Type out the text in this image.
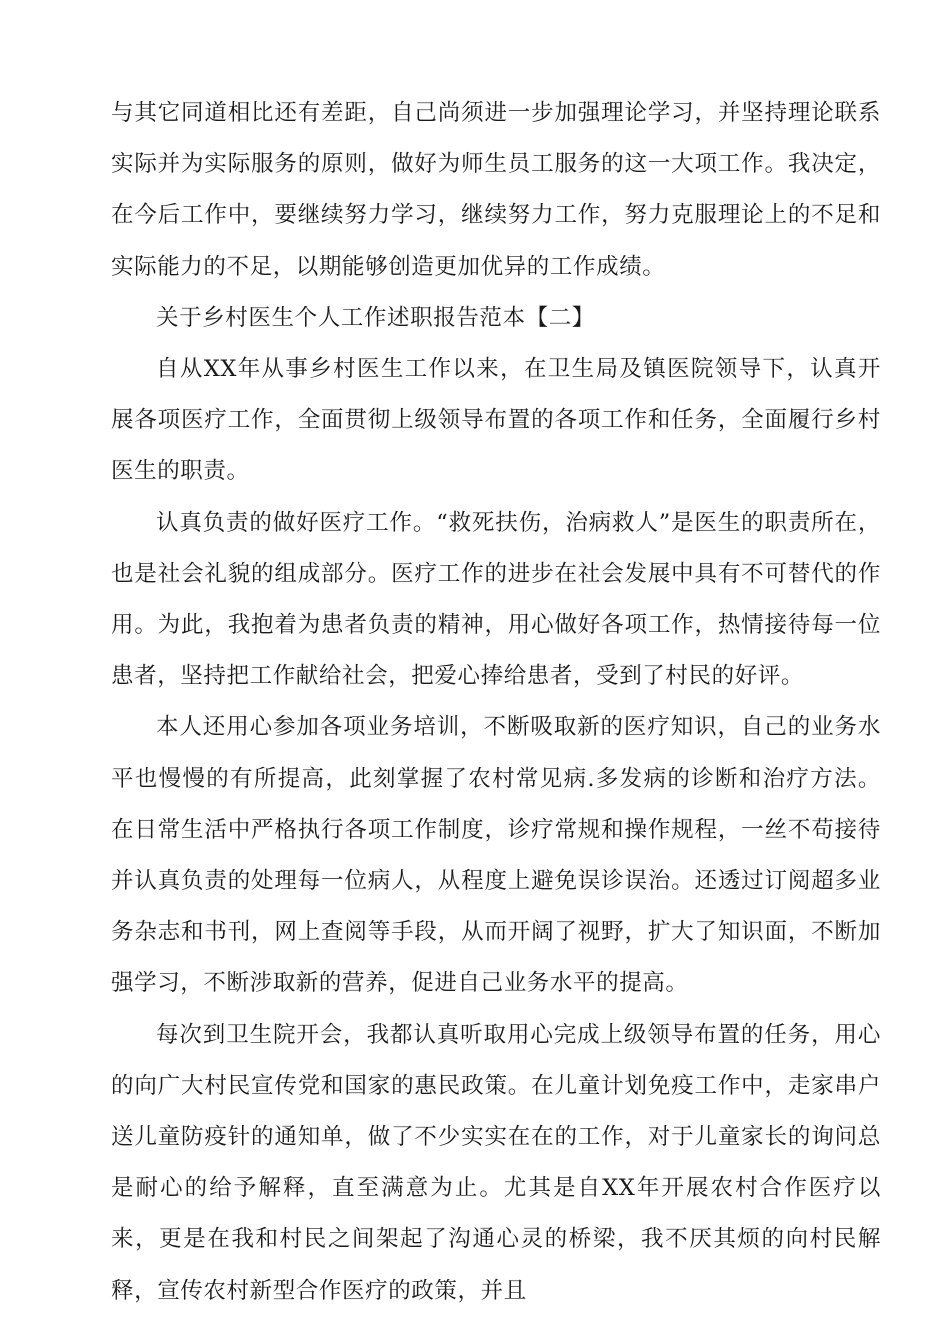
与其它同道相比还有差距，自己尚须进一步加强理论学习，并坚持理论联系实际并为实际服务的原则，做好为师生员工服务的这一大项工作。我决定，在今后工作中，要继续努力学习，继续努力工作，努力克服理论上的不足和实际能力的不足，以期能够创造更加优异的工作成绩。

关于乡村医生个人工作述职报告范本【二】

自从XX年从事乡村医生工作以来，在卫生局及镇医院领导下，认真开展各项医疗工作，全面贯彻上级领导布置的各项工作和任务，全面履行乡村医生的职责。

认真负责的做好医疗工作。“救死扶伤，治病救人”是医生的职责所在，也是社会礼貌的组成部分。医疗工作的进步在社会发展中具有不可替代的作用。为此，我抱着为患者负责的精神，用心做好各项工作，热情接待每一位患者，坚持把工作献给社会，把爱心捧给患者，受到了村民的好评。

本人还用心参加各项业务培训，不断吸取新的医疗知识，自己的业务水平也慢慢的有所提高，此刻掌握了农村常见病.多发病的诊断和治疗方法。在日常生活中严格执行各项工作制度，诊疗常规和操作规程，一丝不苟接待并认真负责的处理每一位病人，从程度上避免误诊误治。还透过订阅超多业务杂志和书刊，网上查阅等手段，从而开阔了视野，扩大了知识面，不断加强学习，不断涉取新的营养，促进自己业务水平的提高。

每次到卫生院开会，我都认真听取用心完成上级领导布置的任务，用心的向广大村民宣传党和国家的惠民政策。在儿童计划免疫工作中，走家串户送儿童防疫针的通知单，做了不少实实在在的工作，对于儿童家长的询问总是耐心的给予解释，直至满意为止。尤其是自XX年开展农村合作医疗以来，更是在我和村民之间架起了沟通心灵的桥梁，我不厌其烦的向村民解释，宣传农村新型合作医疗的政策，并且
